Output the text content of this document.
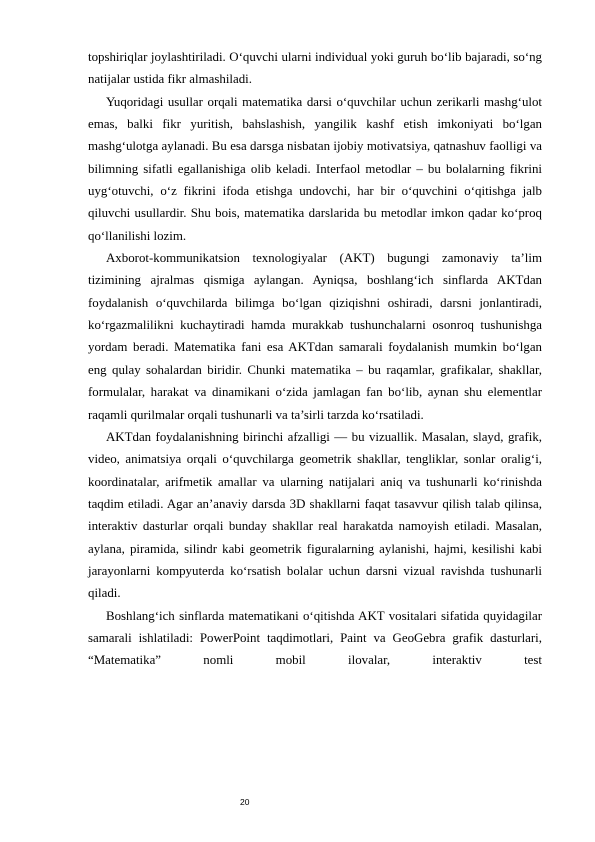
topshiriqlar joylashtiriladi. O‘quvchi ularni individual yoki guruh bo‘lib bajaradi, so‘ng natijalar ustida fikr almashiladi.

Yuqoridagi usullar orqali matematika darsi o‘quvchilar uchun zerikarli mashg‘ulot emas, balki fikr yuritish, bahslashish, yangilik kashf etish imkoniyati bo‘lgan mashg‘ulotga aylanadi. Bu esa darsga nisbatan ijobiy motivatsiya, qatnashuv faolligi va bilimning sifatli egallanishiga olib keladi. Interfaol metodlar – bu bolalarning fikrini uyg‘otuvchi, o‘z fikrini ifoda etishga undovchi, har bir o‘quvchini o‘qitishga jalb qiluvchi usullardir. Shu bois, matematika darslarida bu metodlar imkon qadar ko‘proq qo‘llanilishi lozim.

Axborot-kommunikatsion texnologiyalar (AKT) bugungi zamonaviy ta’lim tizimining ajralmas qismiga aylangan. Ayniqsa, boshlang‘ich sinflarda AKTdan foydalanish o‘quvchilarda bilimga bo‘lgan qiziqishni oshiradi, darsni jonlantiradi, ko‘rgazmalilikni kuchaytiradi hamda murakkab tushunchalarni osonroq tushunishga yordam beradi. Matematika fani esa AKTdan samarali foydalanish mumkin bo‘lgan eng qulay sohalardan biridir. Chunki matematika – bu raqamlar, grafikalar, shakllar, formulalar, harakat va dinamikani o‘zida jamlagan fan bo‘lib, aynan shu elementlar raqamli qurilmalar orqali tushunarli va ta’sirli tarzda ko‘rsatiladi.

AKTdan foydalanishning birinchi afzalligi — bu vizuallik. Masalan, slayd, grafik, video, animatsiya orqali o‘quvchilarga geometrik shakllar, tengliklar, sonlar oralig‘i, koordinatalar, arifmetik amallar va ularning natijalari aniq va tushunarli ko‘rinishda taqdim etiladi. Agar an’anaviy darsda 3D shakllarni faqat tasavvur qilish talab qilinsa, interaktiv dasturlar orqali bunday shakllar real harakatda namoyish etiladi. Masalan, aylana, piramida, silindr kabi geometrik figuralarning aylanishi, hajmi, kesilishi kabi jarayonlarni kompyuterda ko‘rsatish bolalar uchun darsni vizual ravishda tushunarli qiladi.

Boshlang‘ich sinflarda matematikani o‘qitishda AKT vositalari sifatida quyidagilar samarali ishlatiladi: PowerPoint taqdimotlari, Paint va GeoGebra grafik dasturlari, “Matematika” nomli mobil ilovalar, interaktiv test

20
